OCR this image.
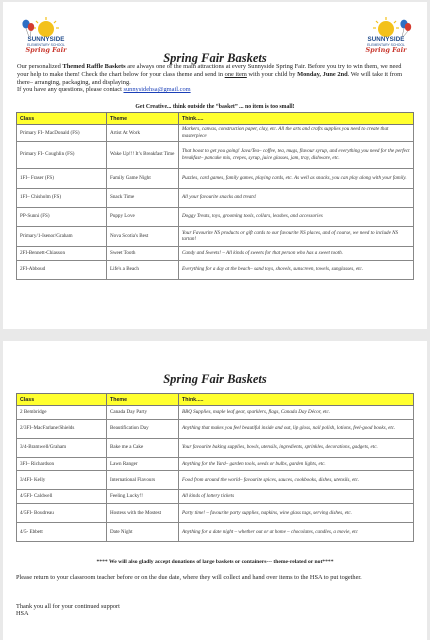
SUNNYSIDE
ELEMENTARY SCHOOL
Spring Fair
SUNNYSIDE
ELEMENTARY SCHOOL
Spring Fair
Spring Fair Baskets
Our personalized Themed Raffle Baskets are always one of the main attractions at every Sunnyside Spring Fair. Before you try to win them, we need your help to make them! Check the chart below for your class theme and send in one item with your child by Monday, June 2nd. We will take it from there– arranging, packaging, and displaying.
If you have any questions, please contact sunnysidehsa@gmail.com
Get Creative... think outside the “basket” ... no item is too small!
Class	Theme	Think.....
Primary FI- MacDonald (FS)	Artist At Work	Markers, canvas, construction paper, clay, etc. All the arts and crafts supplies you need to create that masterpiece
Primary FI- Coughlin (FS)	Wake Up!!! It’s Breakfast Time	That boost to get you going! Java/Tea– coffee, tea, mugs, flavour syrup, and everything you need for the perfect breakfast– pancake mix, crepes, syrup, juice glasses, jam, tray, dishware, etc.
1FI– Fraser (FS)	Family Game Night	Puzzles, card games, family games, playing cards, etc. As well as snacks, you can play along with your family.
1FI– Chisholm (FS)	Snack Time	All your favourite snacks and treats!
PP-Sunni (FS)	Puppy Love	Doggy Treats, toys, grooming tools, collars, leashes, and accessories
Primary/1-Isenor/Graham	Nova Scotia's Best	Your Favourite NS products or gift cards to our favourite NS places, and of course, we need to include NS tartan!
2FI-Bennett-Chiasson	Sweet Tooth	Candy and Sweets! – All kinds of sweets for that person who has a sweet tooth.
2FI-Abboud	Life's a Beach	Everything for a day at the beach– sand toys, shovels, sunscreen, towels, sunglasses, etc.
Spring Fair Baskets
Class	Theme	Think.....
2 Bembridge	Canada Day Party	BBQ Supplies, maple leaf gear, sparklers, flags, Canada Day Décor, etc.
2/3FI–MacFarlane/Shields	Beautification Day	Anything that makes you feel beautiful inside and out, lip gloss, nail polish, lotions, feel-good books, etc.
3/4-Bramwell/Graham	Bake me a Cake	Your favourite baking supplies, bowls, utensils, ingredients, sprinkles, decorations, gadgets, etc.
3FI– Richardson	Lawn Ranger	Anything for the Yard– garden tools, seeds or bulbs, garden lights, etc.
3/4FI- Kelly	International Flavours	Food from around the world– favourite spices, sauces, cookbooks, dishes, utensils, etc.
4/5FI- Caldwell	Feeling Lucky!!	All kinds of lottery tickets
4/5FI- Boudreau	Hostess with the Mostest	Party time! – favourite party supplies, napkins, wine glass tags, serving dishes, etc.
4/5- Ebbett	Date Night	Anything for a date night – whether out or at home – chocolates, candles, a movie, etc
**** We will also gladly accept donations of large baskets or containers--- theme-related or not****
Please return to your classroom teacher before or on the due date, where they will collect and hand over items to the HSA to put together.
Thank you all for your continued support
HSA
